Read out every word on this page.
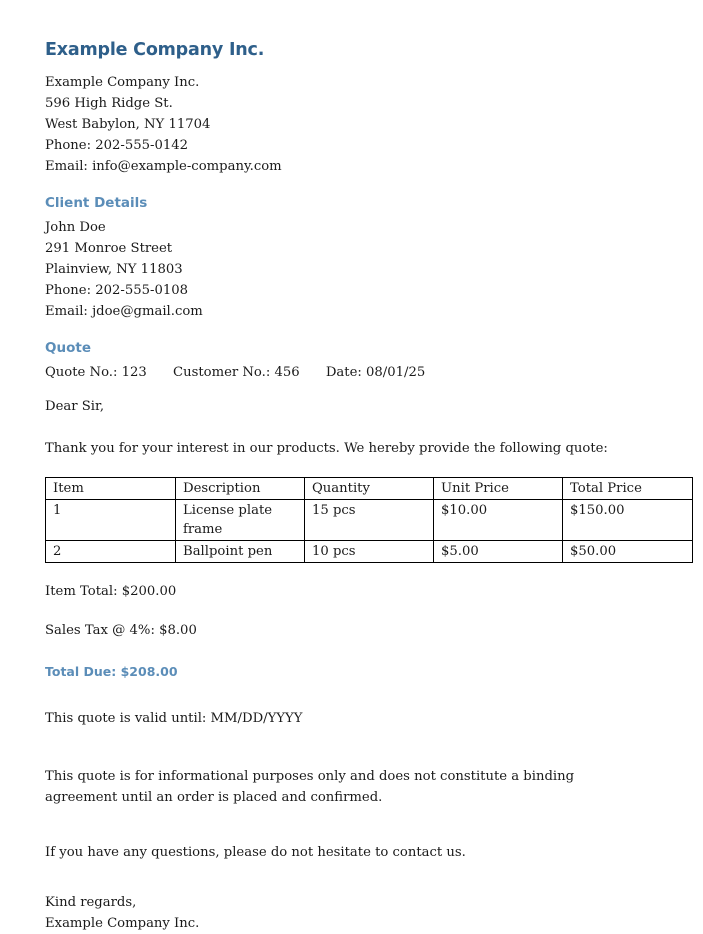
Example Company Inc.
Example Company Inc.
596 High Ridge St.
West Babylon, NY 11704
Phone: 202-555-0142
Email: info@example-company.com
Client Details
John Doe
291 Monroe Street
Plainview, NY 11803
Phone: 202-555-0108
Email: jdoe@gmail.com
Quote
Quote No.: 123 Customer No.: 456 Date: 08/01/25

Dear Sir,

Thank you for your interest in our products. We hereby provide the following quote:

Item	Description	Quantity	Unit Price	Total Price
1	License plate frame	15 pcs	$10.00	$150.00
2	Ballpoint pen	10 pcs	$5.00	$50.00
Item Total: $200.00
Sales Tax @ 4%: $8.00
Total Due: $208.00

This quote is valid until: MM/DD/YYYY

This quote is for informational purposes only and does not constitute a binding agreement until an order is placed and confirmed.

If you have any questions, please do not hesitate to contact us.

Kind regards,
Example Company Inc.
